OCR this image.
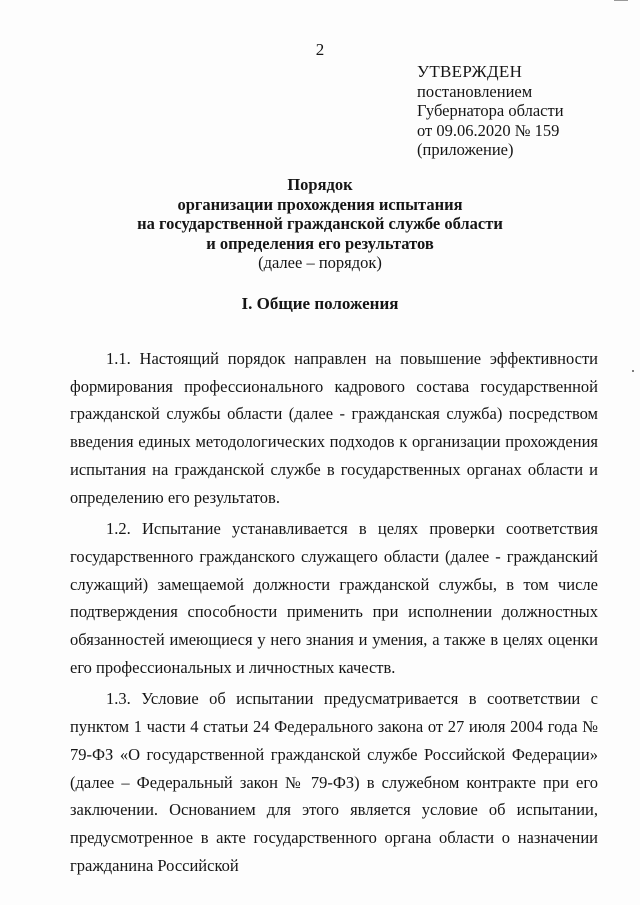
2
УТВЕРЖДЕН
постановлением
Губернатора области
от 09.06.2020 № 159
(приложение)
Порядок
организации прохождения испытания
на государственной гражданской службе области
и определения его результатов
(далее – порядок)
I. Общие положения

1.1. Настоящий порядок направлен на повышение эффективности формирования профессионального кадрового состава государственной гражданской службы области (далее - гражданская служба) посредством введения единых методологических подходов к организации прохождения испытания на гражданской службе в государственных органах области и определению его результатов.

1.2. Испытание устанавливается в целях проверки соответствия государственного гражданского служащего области (далее - гражданский служащий) замещаемой должности гражданской службы, в том числе подтверждения способности применить при исполнении должностных обязанностей имеющиеся у него знания и умения, а также в целях оценки его профессиональных и личностных качеств.

1.3. Условие об испытании предусматривается в соответствии с пунктом 1 части 4 статьи 24 Федерального закона от 27 июля 2004 года № 79-ФЗ «О государственной гражданской службе Российской Федерации» (далее – Федеральный закон № 79-ФЗ) в служебном контракте при его заключении. Основанием для этого является условие об испытании, предусмотренное в акте государственного органа области о назначении гражданина Российской
